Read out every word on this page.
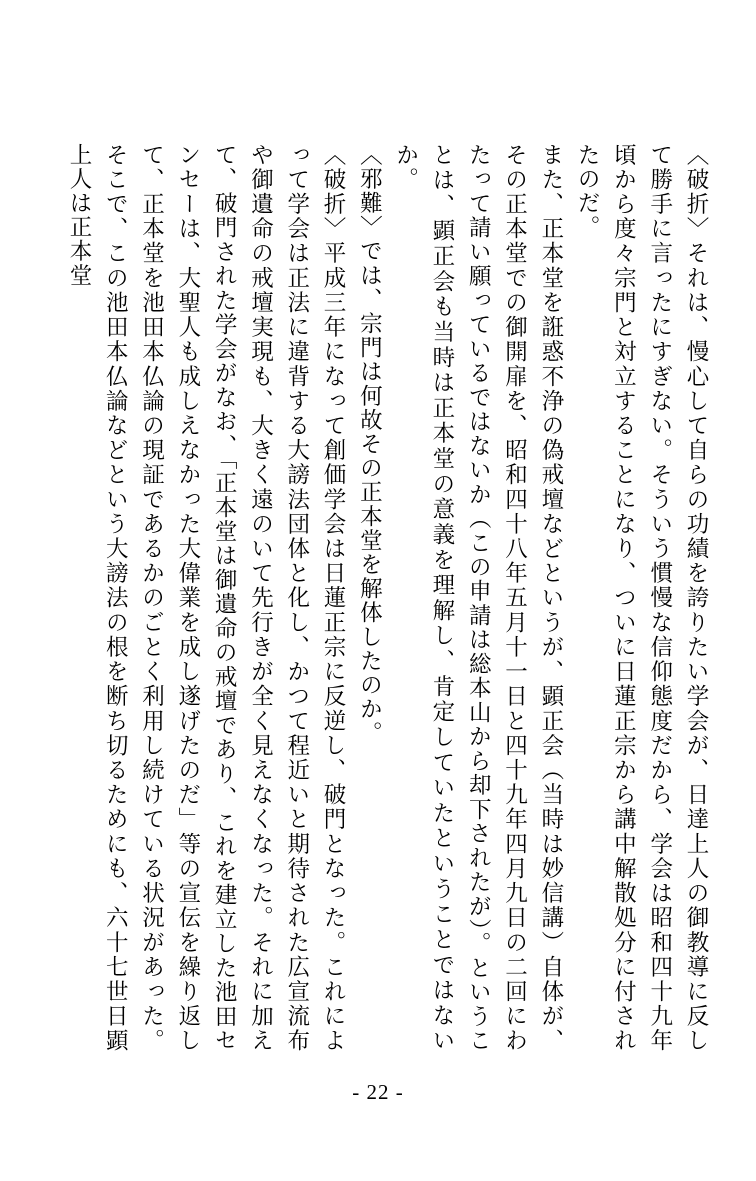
〈破折〉それは、慢心して自らの功績を誇りたい学会が、日達上人の御教導に反して勝手に言ったにすぎない。そういう慣慢な信仰態度だから、学会は昭和四十九年頃から度々宗門と対立することになり、ついに日蓮正宗から講中解散処分に付されたのだ。

また、正本堂を誑惑不浄の偽戒壇などというが、顕正会（当時は妙信講）自体が、その正本堂での御開扉を、昭和四十八年五月十一日と四十九年四月九日の二回にわたって請い願っているではないか（この申請は総本山から却下されたが）。ということは、顕正会も当時は正本堂の意義を理解し、肯定していたということではないか。

〈邪難〉では、宗門は何故その正本堂を解体したのか。

〈破折〉平成三年になって創価学会は日蓮正宗に反逆し、破門となった。これによって学会は正法に違背する大謗法団体と化し、かつて程近いと期待された広宣流布や御遺命の戒壇実現も、大きく遠のいて先行きが全く見えなくなった。それに加えて、破門された学会がなお、「正本堂は御遺命の戒壇であり、これを建立した池田センセーは、大聖人も成しえなかった大偉業を成し遂げたのだ」等の宣伝を繰り返して、正本堂を池田本仏論の現証であるかのごとく利用し続けている状況があった。そこで、この池田本仏論などという大謗法の根を断ち切るためにも、六十七世日顕上人は正本堂

- 22 -
